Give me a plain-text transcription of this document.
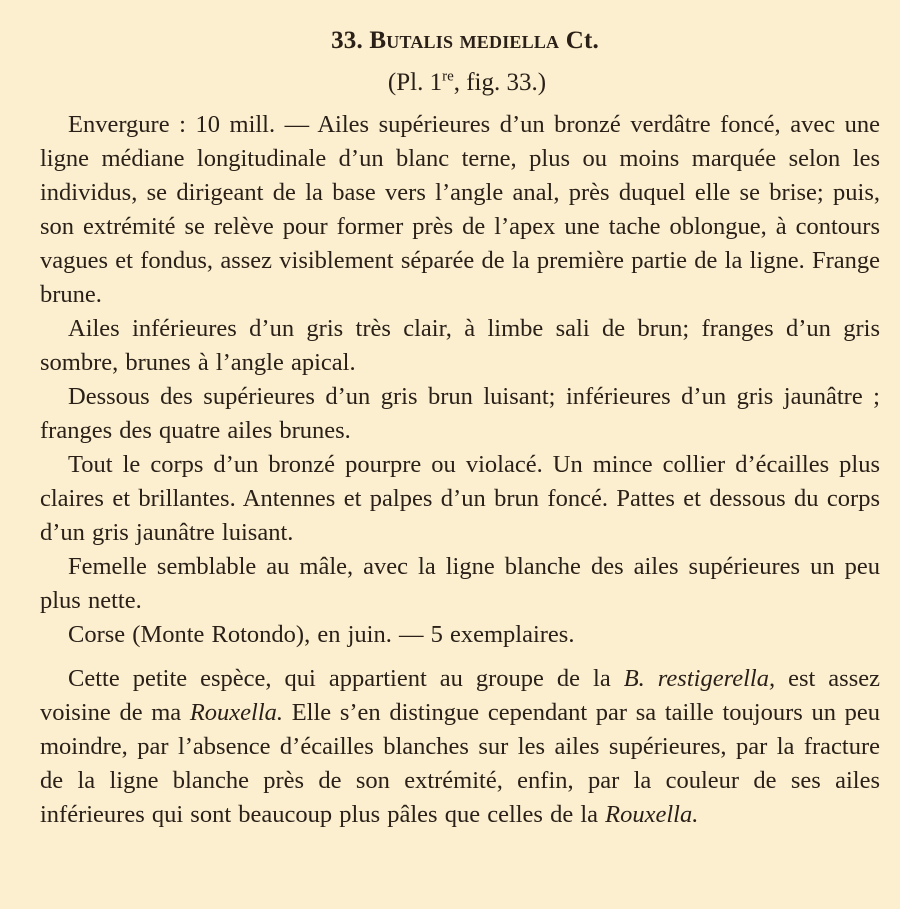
33. Butalis mediella Ct.

(Pl. 1re, fig. 33.)

Envergure : 10 mill. — Ailes supérieures d’un bronzé verdâtre foncé, avec une ligne médiane longitudinale d’un blanc terne, plus ou moins marquée selon les individus, se dirigeant de la base vers l’angle anal, près duquel elle se brise; puis, son extrémité se relève pour former près de l’apex une tache oblongue, à contours vagues et fondus, assez visiblement séparée de la première partie de la ligne. Frange brune.

Ailes inférieures d’un gris très clair, à limbe sali de brun; franges d’un gris sombre, brunes à l’angle apical.

Dessous des supérieures d’un gris brun luisant; inférieures d’un gris jaunâtre ; franges des quatre ailes brunes.

Tout le corps d’un bronzé pourpre ou violacé. Un mince collier d’écailles plus claires et brillantes. Antennes et palpes d’un brun foncé. Pattes et dessous du corps d’un gris jaunâtre luisant.

Femelle semblable au mâle, avec la ligne blanche des ailes supérieures un peu plus nette.

Corse (Monte Rotondo), en juin. — 5 exemplaires.

Cette petite espèce, qui appartient au groupe de la B. restigerella, est assez voisine de ma Rouxella. Elle s’en distingue cependant par sa taille toujours un peu moindre, par l’absence d’écailles blanches sur les ailes supérieures, par la fracture de la ligne blanche près de son extrémité, enfin, par la couleur de ses ailes inférieures qui sont beaucoup plus pâles que celles de la Rouxella.
